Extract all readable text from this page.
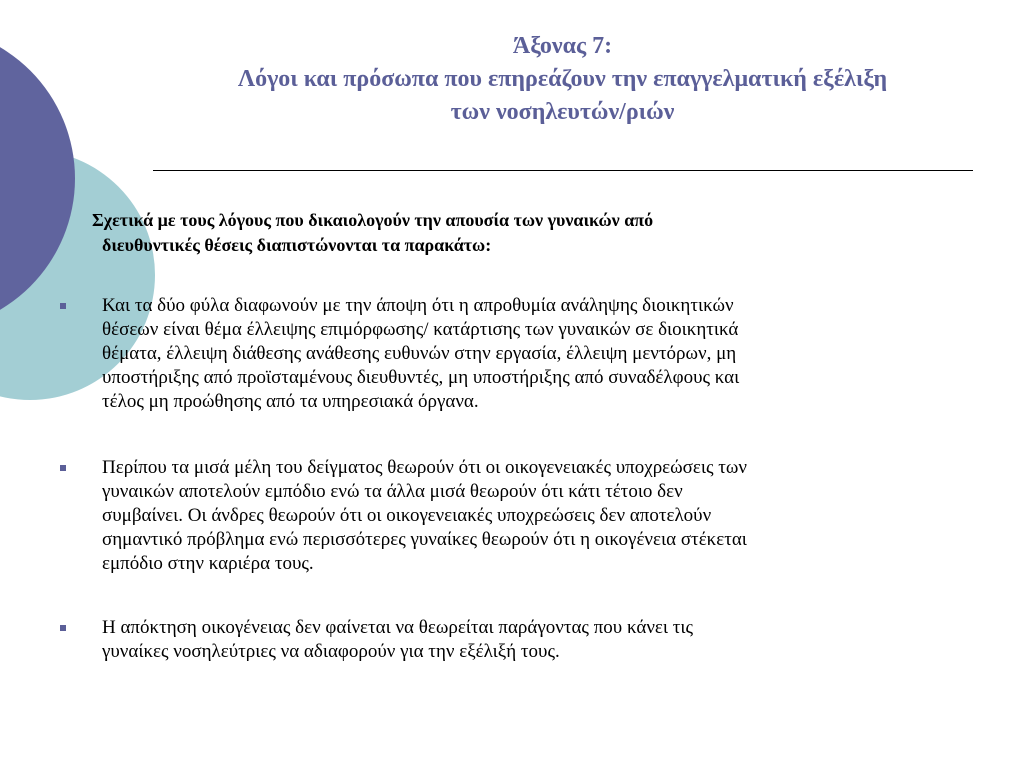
Άξονας 7:
Λόγοι και πρόσωπα που επηρεάζουν την επαγγελματική εξέλιξη
των νοσηλευτών/ριών
Σχετικά με τους λόγους που δικαιολογούν την απουσία των γυναικών από
διευθυντικές θέσεις διαπιστώνονται τα παρακάτω:
Και τα δύο φύλα διαφωνούν με την άποψη ότι η απροθυμία ανάληψης διοικητικών
θέσεων είναι θέμα έλλειψης επιμόρφωσης/ κατάρτισης των γυναικών σε διοικητικά
θέματα, έλλειψη διάθεσης ανάθεσης ευθυνών στην εργασία, έλλειψη μεντόρων, μη
υποστήριξης από προϊσταμένους διευθυντές, μη υποστήριξης από συναδέλφους και
τέλος μη προώθησης από τα υπηρεσιακά όργανα.
Περίπου τα μισά μέλη του δείγματος θεωρούν ότι οι οικογενειακές υποχρεώσεις των
γυναικών αποτελούν εμπόδιο ενώ τα άλλα μισά θεωρούν ότι κάτι τέτοιο δεν
συμβαίνει. Οι άνδρες θεωρούν ότι οι οικογενειακές υποχρεώσεις δεν αποτελούν
σημαντικό πρόβλημα ενώ περισσότερες γυναίκες θεωρούν ότι η οικογένεια στέκεται
εμπόδιο στην καριέρα τους.
Η απόκτηση οικογένειας δεν φαίνεται να θεωρείται παράγοντας που κάνει τις
γυναίκες νοσηλεύτριες να αδιαφορούν για την εξέλιξή τους.
